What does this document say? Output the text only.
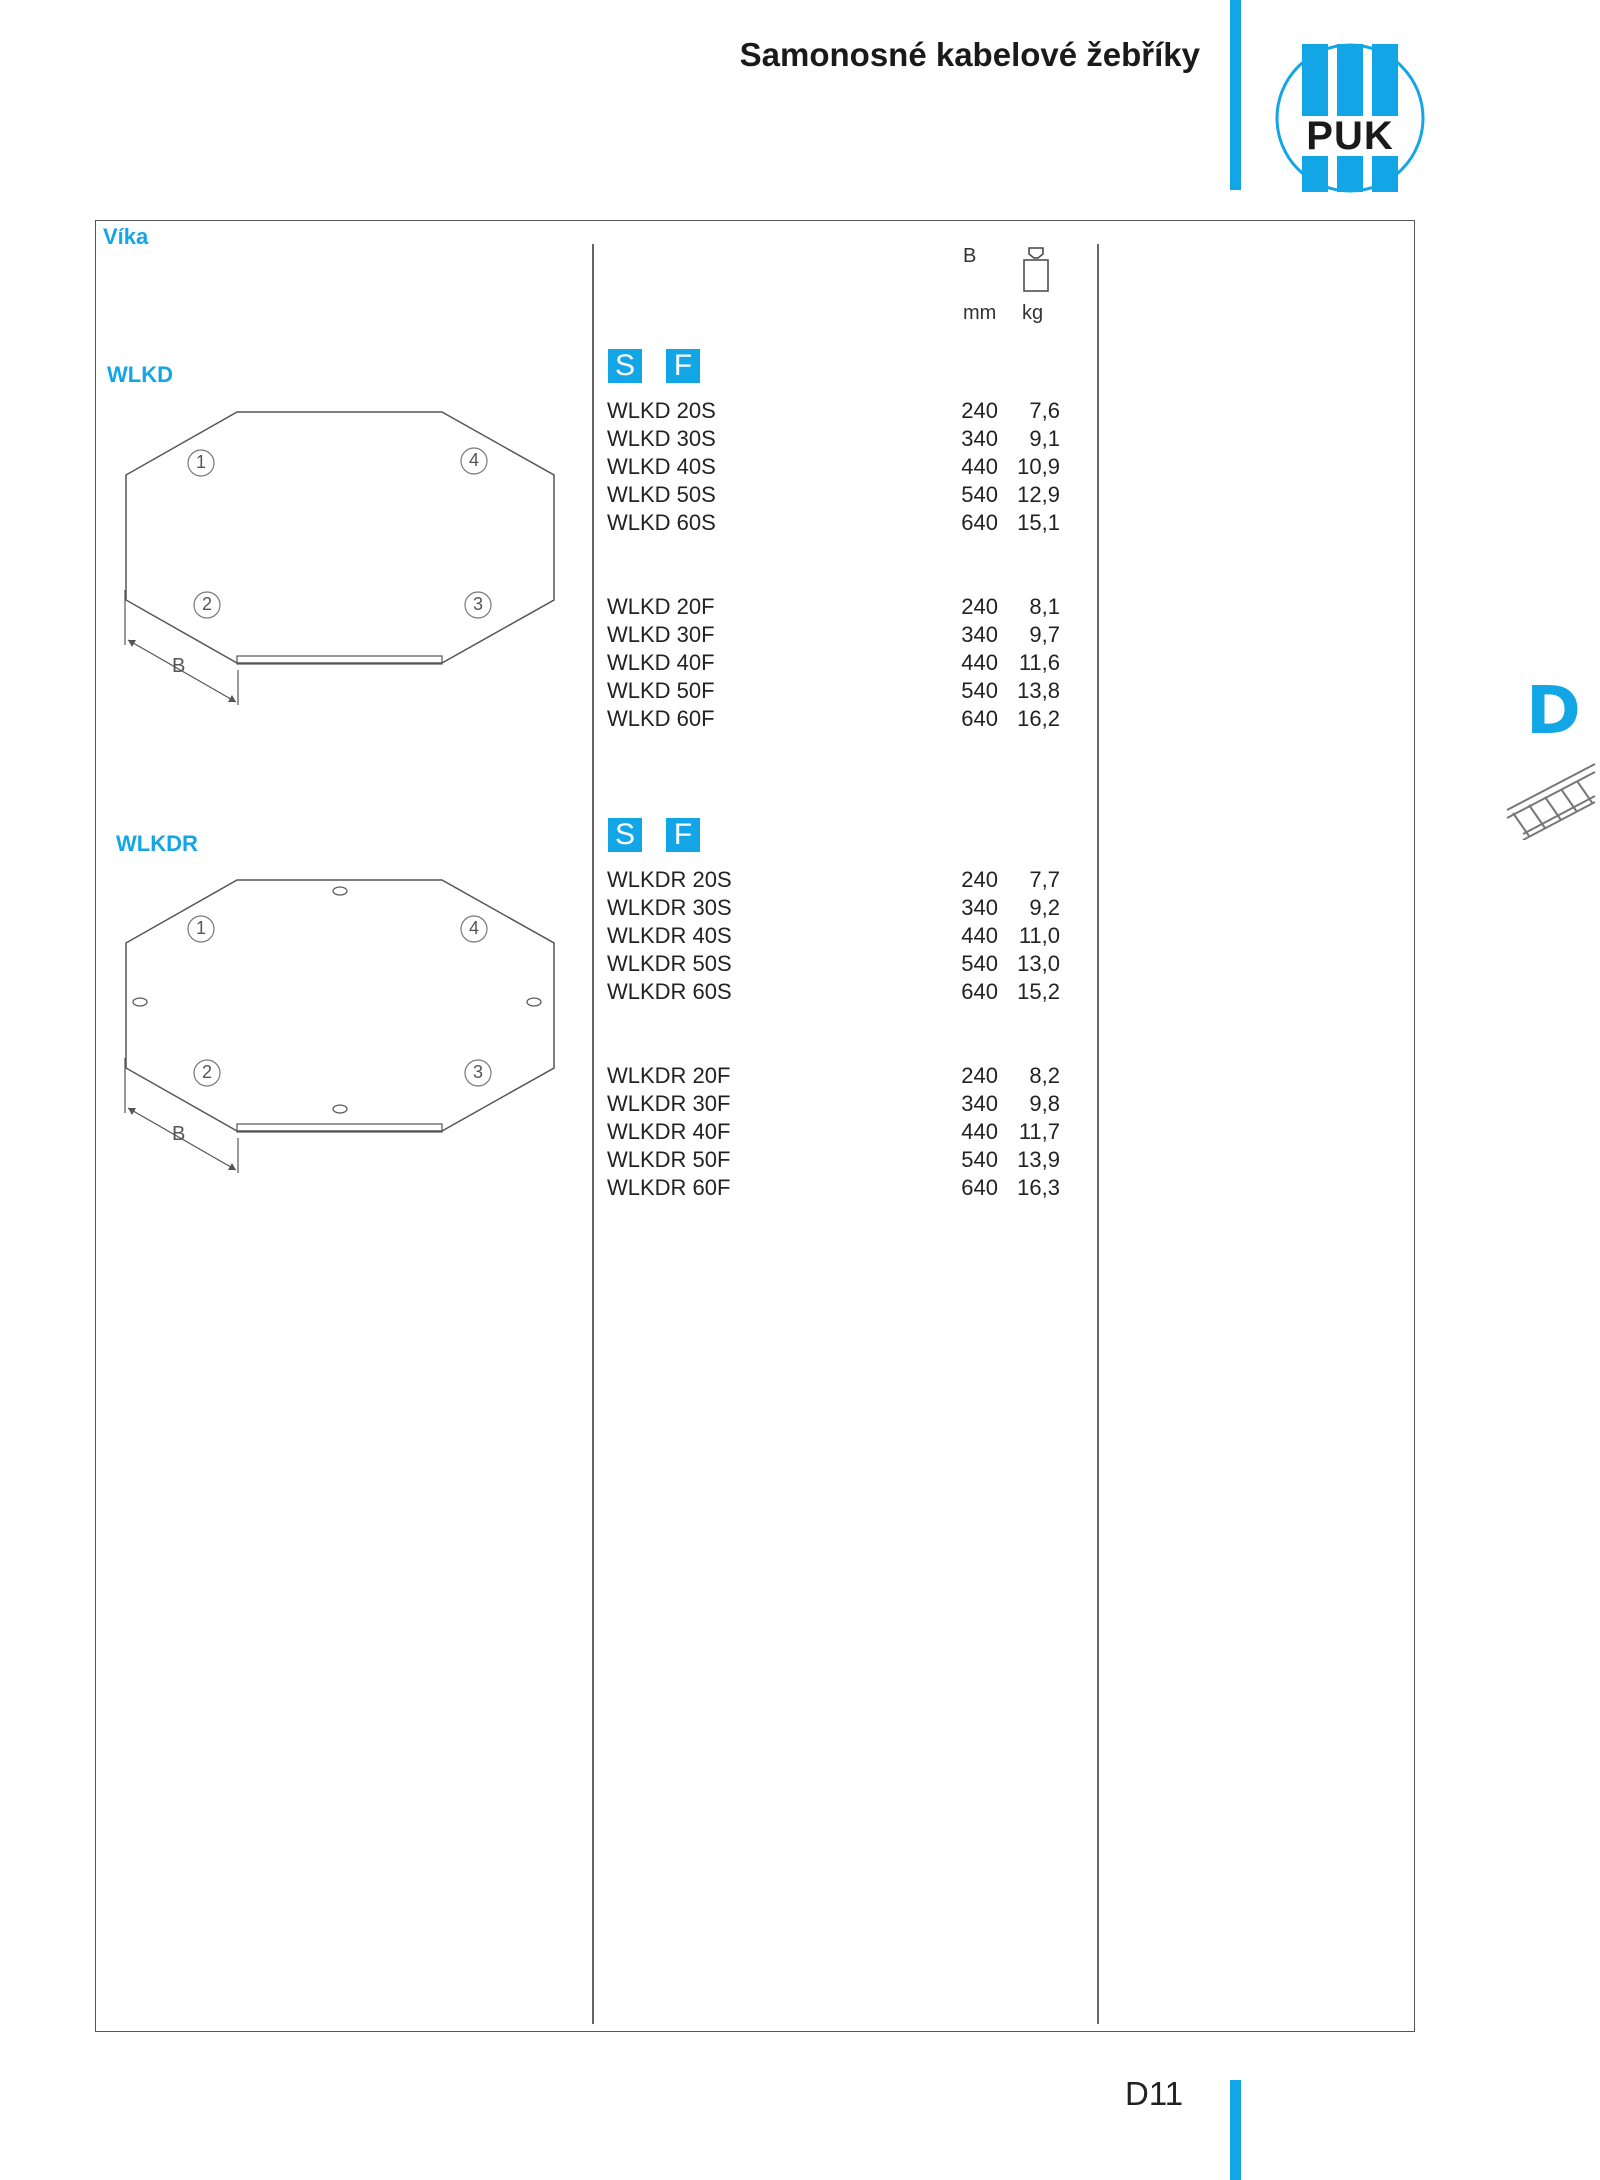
Samonosné kabelové žebříky
PUK
Víka
B
mm kg
WLKD
1	4
2	3
B
S F
WLKD 20S	240	7,6
WLKD 30S	340	9,1
WLKD 40S	440 10,9
WLKD 50S	540 12,9
WLKD 60S	640 15,1
WLKD 20F	240	8,1
WLKD 30F	340	9,7
WLKD 40F	440 11,6
WLKD 50F	540 13,8
WLKD 60F	640 16,2
WLKDR
1	4
2	3
B
S F
WLKDR 20S	240	7,7
WLKDR 30S	340	9,2
WLKDR 40S	440 11,0
WLKDR 50S	540 13,0
WLKDR 60S	640 15,2
WLKDR 20F	240	8,2
WLKDR 30F	340	9,8
WLKDR 40F	440 11,7
WLKDR 50F	540 13,9
WLKDR 60F	640 16,3
D
D11
